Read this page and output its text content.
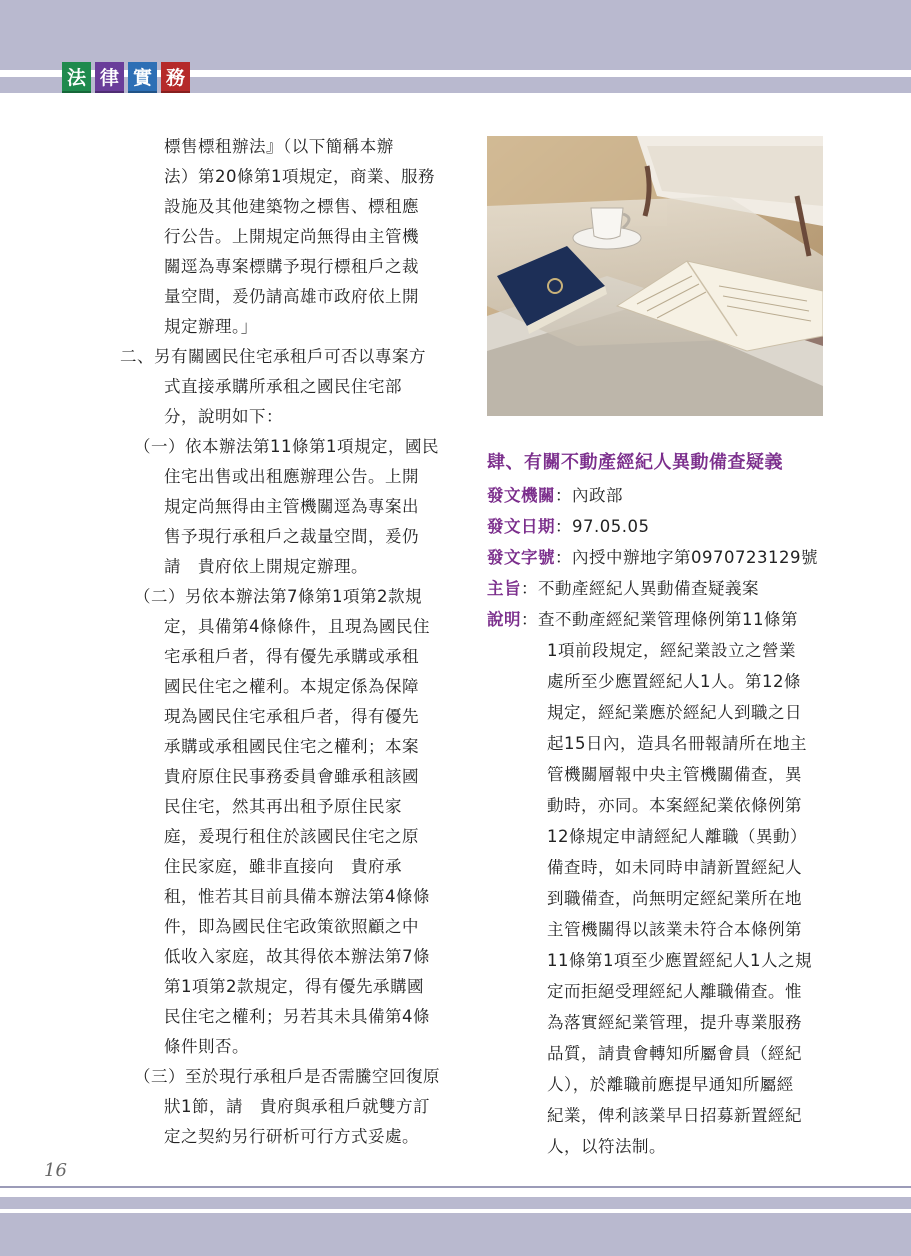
法 律 實 務
標售標租辦法』（以下簡稱本辦
法）第20條第1項規定，商業、服務
設施及其他建築物之標售、標租應
行公告。上開規定尚無得由主管機
關逕為專案標購予現行標租戶之裁
量空間，爰仍請高雄市政府依上開
規定辦理。」
二、另有關國民住宅承租戶可否以專案方
式直接承購所承租之國民住宅部
分，說明如下：
（一）依本辦法第11條第1項規定，國民
住宅出售或出租應辦理公告。上開
規定尚無得由主管機關逕為專案出
售予現行承租戶之裁量空間，爰仍
請　貴府依上開規定辦理。
（二）另依本辦法第7條第1項第2款規
定，具備第4條條件，且現為國民住
宅承租戶者，得有優先承購或承租
國民住宅之權利。本規定係為保障
現為國民住宅承租戶者，得有優先
承購或承租國民住宅之權利；本案
貴府原住民事務委員會雖承租該國
民住宅，然其再出租予原住民家
庭，爰現行租住於該國民住宅之原
住民家庭，雖非直接向　貴府承
租，惟若其目前具備本辦法第4條條
件，即為國民住宅政策欲照顧之中
低收入家庭，故其得依本辦法第7條
第1項第2款規定，得有優先承購國
民住宅之權利；另若其未具備第4條
條件則否。
（三）至於現行承租戶是否需騰空回復原
狀1節，請　貴府與承租戶就雙方訂
定之契約另行研析可行方式妥處。
肆、有關不動產經紀人異動備查疑義
發文機關：內政部
發文日期：97.05.05
發文字號：內授中辦地字第0970723129號
主旨：不動產經紀人異動備查疑義案
說明：查不動產經紀業管理條例第11條第
1項前段規定，經紀業設立之營業
處所至少應置經紀人1人。第12條
規定，經紀業應於經紀人到職之日
起15日內，造具名冊報請所在地主
管機關層報中央主管機關備查，異
動時，亦同。本案經紀業依條例第
12條規定申請經紀人離職（異動）
備查時，如未同時申請新置經紀人
到職備查，尚無明定經紀業所在地
主管機關得以該業未符合本條例第
11條第1項至少應置經紀人1人之規
定而拒絕受理經紀人離職備查。惟
為落實經紀業管理，提升專業服務
品質，請貴會轉知所屬會員（經紀
人），於離職前應提早通知所屬經
紀業，俾利該業早日招募新置經紀
人，以符法制。
16
